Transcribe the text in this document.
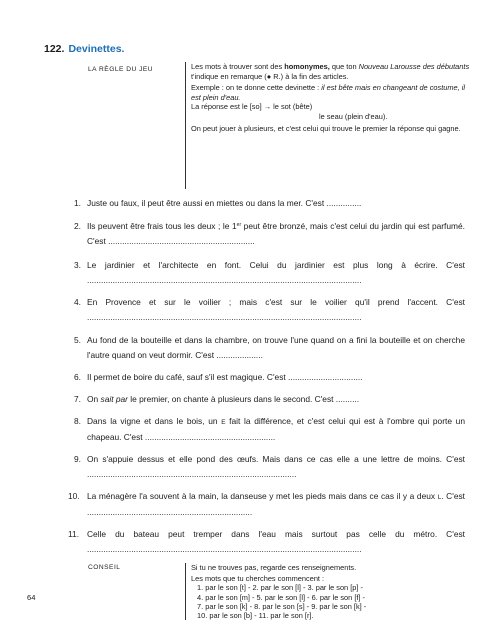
122. Devinettes.
LA RÈGLE DU JEU	Les mots à trouver sont des homonymes, que ton Nouveau Larousse des débutants t'indique en remarque (● R.) à la fin des articles.

Exemple : on te donne cette devinette : il est bête mais en changeant de costume, il est plein d'eau.
La réponse est le [so] → le sot (bête)
le seau (plein d'eau).

On peut jouer à plusieurs, et c'est celui qui trouve le premier la réponse qui gagne.

1. Juste ou faux, il peut être aussi en miettes ou dans la mer. C'est ...............
2. Ils peuvent être frais tous les deux ; le 1er peut être bronzé, mais c'est celui du jardin qui est parfumé. C'est ...............................................................
3. Le jardinier et l'architecte en font. Celui du jardinier est plus long à écrire. C'est ......................................................................................................................
4. En Provence et sur le voilier ; mais c'est sur le voilier qu'il prend l'accent. C'est ......................................................................................................................
5. Au fond de la bouteille et dans la chambre, on trouve l'une quand on a fini la bouteille et on cherche l'autre quand on veut dormir. C'est ....................
6. Il permet de boire du café, sauf s'il est magique. C'est ................................
7. On sait par le premier, on chante à plusieurs dans le second. C'est ..........
8. Dans la vigne et dans le bois, un E fait la différence, et c'est celui qui est à l'ombre qui porte un chapeau. C'est ........................................................
9. On s'appuie dessus et elle pond des œufs. Mais dans ce cas elle a une lettre de moins. C'est ..........................................................................................
10. La ménagère l'a souvent à la main, la danseuse y met les pieds mais dans ce cas il y a deux L. C'est .......................................................................
11. Celle du bateau peut tremper dans l'eau mais surtout pas celle du métro. C'est ......................................................................................................................
CONSEIL	Si tu ne trouves pas, regarde ces renseignements.

Les mots que tu cherches commencent :

1. par le son [t] - 2. par le son [l] - 3. par le son [p] -

4. par le son [m] - 5. par le son [l] - 6. par le son [f] -

7. par le son [k] - 8. par le son [s] - 9. par le son [k] -

10. par le son [b] - 11. par le son [r].

64
